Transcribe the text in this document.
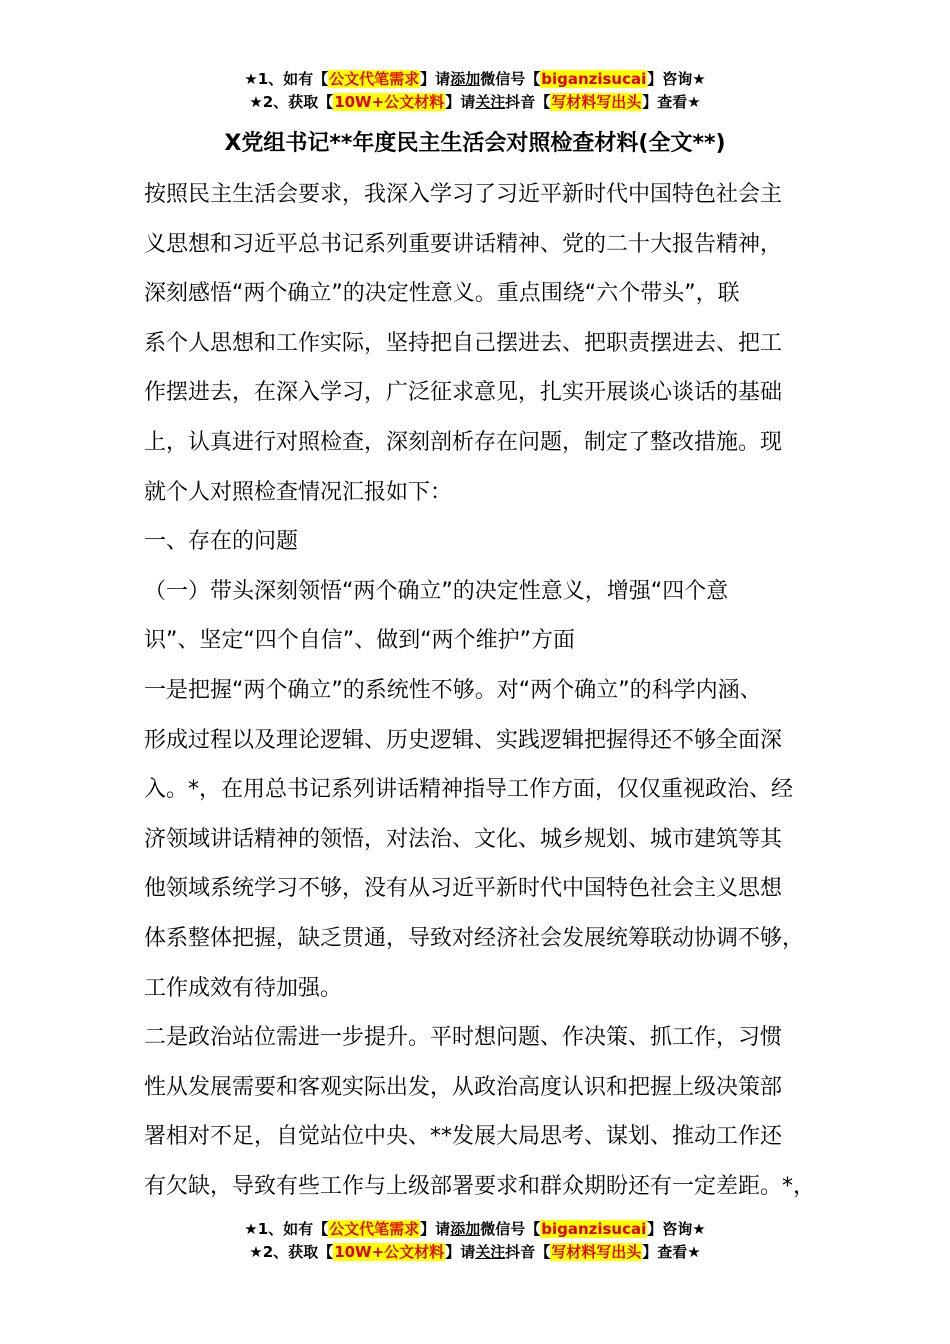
★1、如有【公文代笔需求】请添加微信号【biganzisucai】咨询★
★2、获取【10W+公文材料】请关注抖音【写材料写出头】查看★
X党组书记**年度民主生活会对照检查材料(全文**)
按照民主生活会要求，我深入学习了习近平新时代中国特色社会主
义思想和习近平总书记系列重要讲话精神、党的二十大报告精神，
深刻感悟“两个确立”的决定性意义。重点围绕“六个带头”，联
系个人思想和工作实际，坚持把自己摆进去、把职责摆进去、把工
作摆进去，在深入学习，广泛征求意见，扎实开展谈心谈话的基础
上，认真进行对照检查，深刻剖析存在问题，制定了整改措施。现
就个人对照检查情况汇报如下：
一、存在的问题
（一）带头深刻领悟“两个确立”的决定性意义，增强“四个意
识”、坚定“四个自信”、做到“两个维护”方面
一是把握“两个确立”的系统性不够。对“两个确立”的科学内涵、
形成过程以及理论逻辑、历史逻辑、实践逻辑把握得还不够全面深
入。*，在用总书记系列讲话精神指导工作方面，仅仅重视政治、经
济领域讲话精神的领悟，对法治、文化、城乡规划、城市建筑等其
他领域系统学习不够，没有从习近平新时代中国特色社会主义思想
体系整体把握，缺乏贯通，导致对经济社会发展统筹联动协调不够，
工作成效有待加强。
二是政治站位需进一步提升。平时想问题、作决策、抓工作，习惯
性从发展需要和客观实际出发，从政治高度认识和把握上级决策部
署相对不足，自觉站位中央、**发展大局思考、谋划、推动工作还
有欠缺，导致有些工作与上级部署要求和群众期盼还有一定差距。*，
★1、如有【公文代笔需求】请添加微信号【biganzisucai】咨询★
★2、获取【10W+公文材料】请关注抖音【写材料写出头】查看★
